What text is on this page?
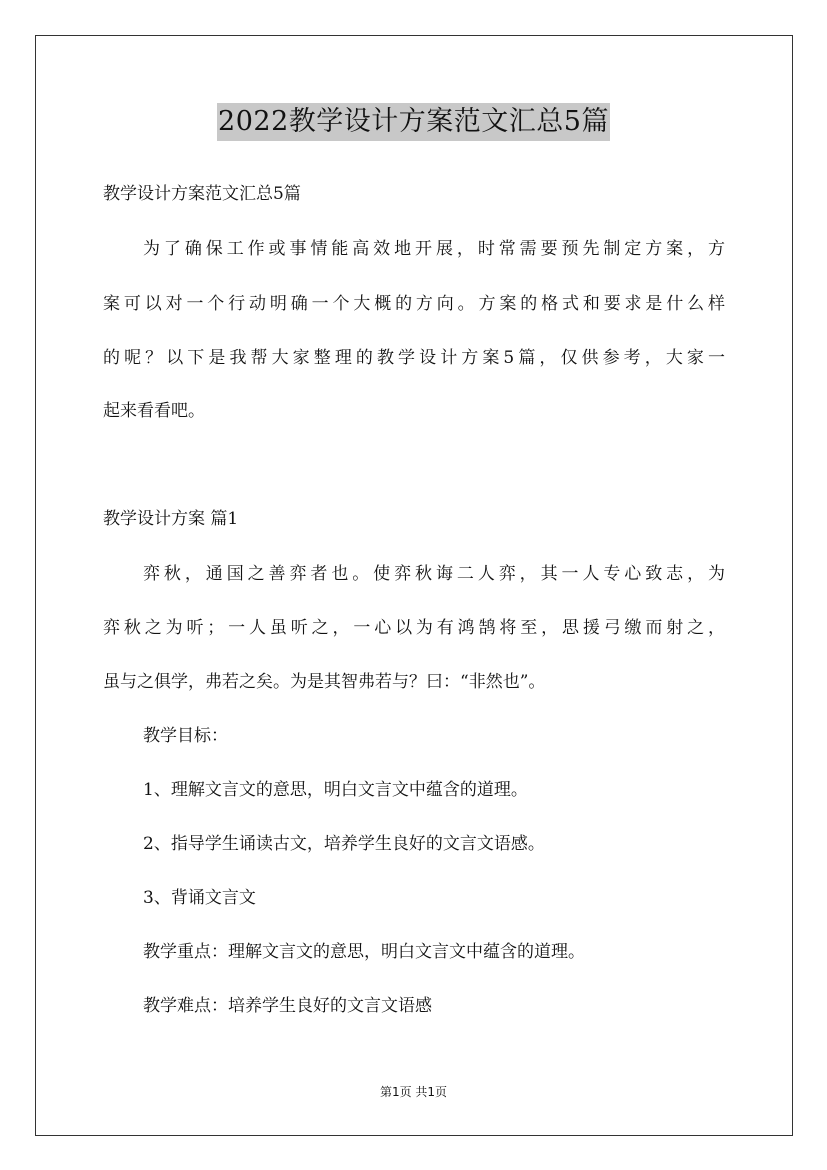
2022教学设计方案范文汇总5篇
教学设计方案范文汇总5篇
为了确保工作或事情能高效地开展，时常需要预先制定方案，方
案可以对一个行动明确一个大概的方向。方案的格式和要求是什么样
的呢？以下是我帮大家整理的教学设计方案5篇，仅供参考，大家一
起来看看吧。
教学设计方案 篇1
弈秋，通国之善弈者也。使弈秋诲二人弈，其一人专心致志，为
弈秋之为听；一人虽听之，一心以为有鸿鹄将至，思援弓缴而射之，
虽与之俱学，弗若之矣。为是其智弗若与？曰：“非然也”。
教学目标：
1、理解文言文的意思，明白文言文中蕴含的道理。
2、指导学生诵读古文，培养学生良好的文言文语感。
3、背诵文言文
教学重点：理解文言文的意思，明白文言文中蕴含的道理。
教学难点：培养学生良好的文言文语感
第1页 共1页
